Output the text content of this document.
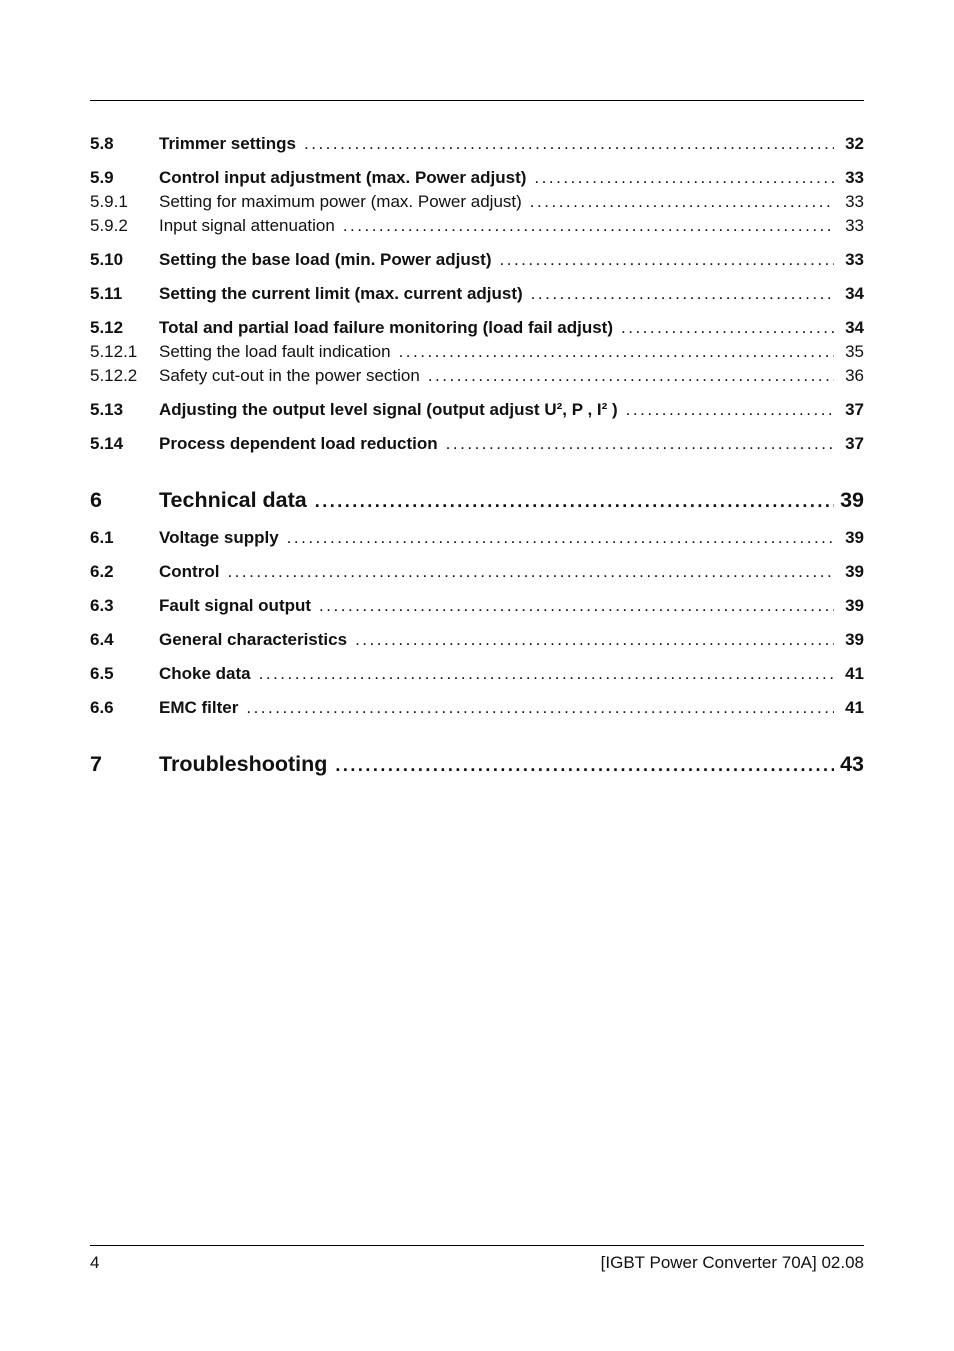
5.8	Trimmer settings .....	32
5.9	Control input adjustment (max. Power adjust) .....	33
5.9.1	Setting for maximum power (max. Power adjust) .....	33
5.9.2	Input signal attenuation .....	33
5.10	Setting the base load (min. Power adjust) .....	33
5.11	Setting the current limit (max. current adjust) .....	34
5.12	Total and partial load failure monitoring (load fail adjust) .....	34
5.12.1	Setting the load fault indication .....	35
5.12.2	Safety cut-out in the power section .....	36
5.13	Adjusting the output level signal (output adjust U², P , I² ) .....	37
5.14	Process dependent load reduction .....	37
6	Technical data .....	39
6.1	Voltage supply .....	39
6.2	Control .....	39
6.3	Fault signal output .....	39
6.4	General characteristics .....	39
6.5	Choke data .....	41
6.6	EMC filter .....	41
7	Troubleshooting .....	43
4	[IGBT Power Converter 70A] 02.08
